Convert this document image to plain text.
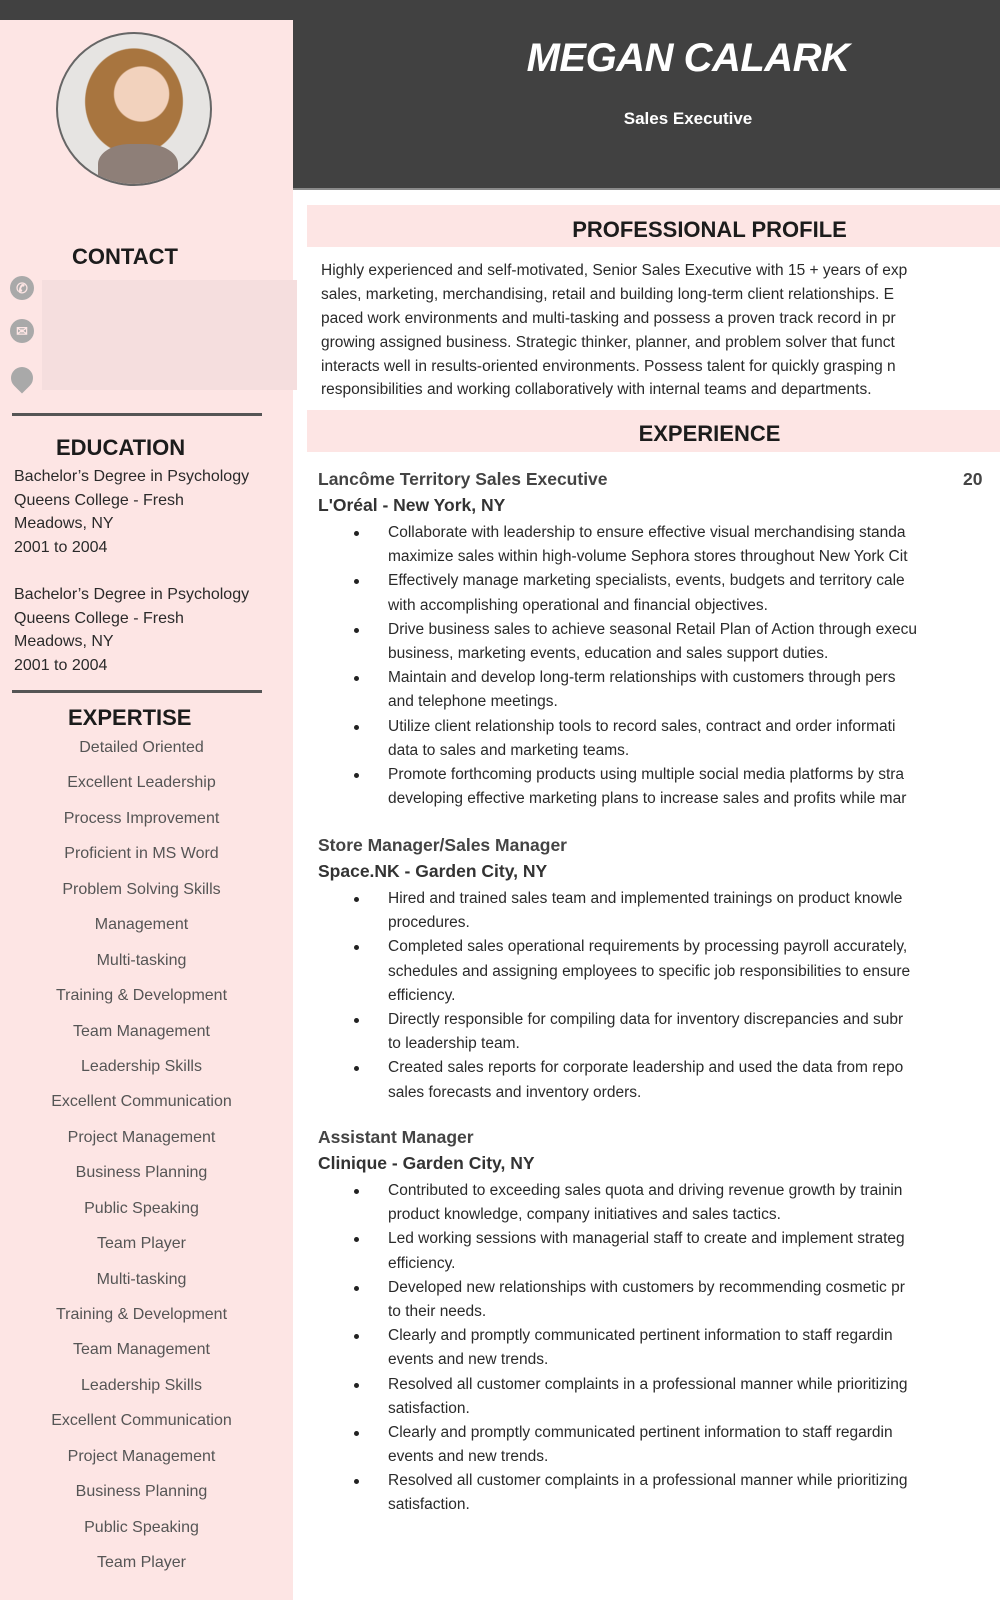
MEGAN CALARK
Sales Executive
CONTACT
✆
✉
EDUCATION
Bachelor’s Degree in Psychology
Queens College - Fresh
Meadows, NY
2001 to 2004
Bachelor’s Degree in Psychology
Queens College - Fresh
Meadows, NY
2001 to 2004
EXPERTISE
Detailed Oriented
Excellent Leadership
Process Improvement
Proficient in MS Word
Problem Solving Skills
Management
Multi-tasking
Training & Development
Team Management
Leadership Skills
Excellent Communication
Project Management
Business Planning
Public Speaking
Team Player
Multi-tasking
Training & Development
Team Management
Leadership Skills
Excellent Communication
Project Management
Business Planning
Public Speaking
Team Player
PROFESSIONAL PROFILE
Highly experienced and self-motivated, Senior Sales Executive with 15 + years of exp
sales, marketing, merchandising, retail and building long-term client relationships. E
paced work environments and multi-tasking and possess a proven track record in pr
growing assigned business. Strategic thinker, planner, and problem solver that funct
interacts well in results-oriented environments. Possess talent for quickly grasping n
responsibilities and working collaboratively with internal teams and departments.
EXPERIENCE
Lancôme Territory Sales Executive	20
L'Oréal - New York, NY
Collaborate with leadership to ensure effective visual merchandising standa
maximize sales within high-volume Sephora stores throughout New York Cit
Effectively manage marketing specialists, events, budgets and territory cale
with accomplishing operational and financial objectives.
Drive business sales to achieve seasonal Retail Plan of Action through execu
business, marketing events, education and sales support duties.
Maintain and develop long-term relationships with customers through pers
and telephone meetings.
Utilize client relationship tools to record sales, contract and order informati
data to sales and marketing teams.
Promote forthcoming products using multiple social media platforms by stra
developing effective marketing plans to increase sales and profits while mar
Store Manager/Sales Manager
Space.NK - Garden City, NY
Hired and trained sales team and implemented trainings on product knowle
procedures.
Completed sales operational requirements by processing payroll accurately,
schedules and assigning employees to specific job responsibilities to ensure
efficiency.
Directly responsible for compiling data for inventory discrepancies and subr
to leadership team.
Created sales reports for corporate leadership and used the data from repo
sales forecasts and inventory orders.
Assistant Manager
Clinique - Garden City, NY
Contributed to exceeding sales quota and driving revenue growth by trainin
product knowledge, company initiatives and sales tactics.
Led working sessions with managerial staff to create and implement strateg
efficiency.
Developed new relationships with customers by recommending cosmetic pr
to their needs.
Clearly and promptly communicated pertinent information to staff regardin
events and new trends.
Resolved all customer complaints in a professional manner while prioritizing
satisfaction.
Clearly and promptly communicated pertinent information to staff regardin
events and new trends.
Resolved all customer complaints in a professional manner while prioritizing
satisfaction.
